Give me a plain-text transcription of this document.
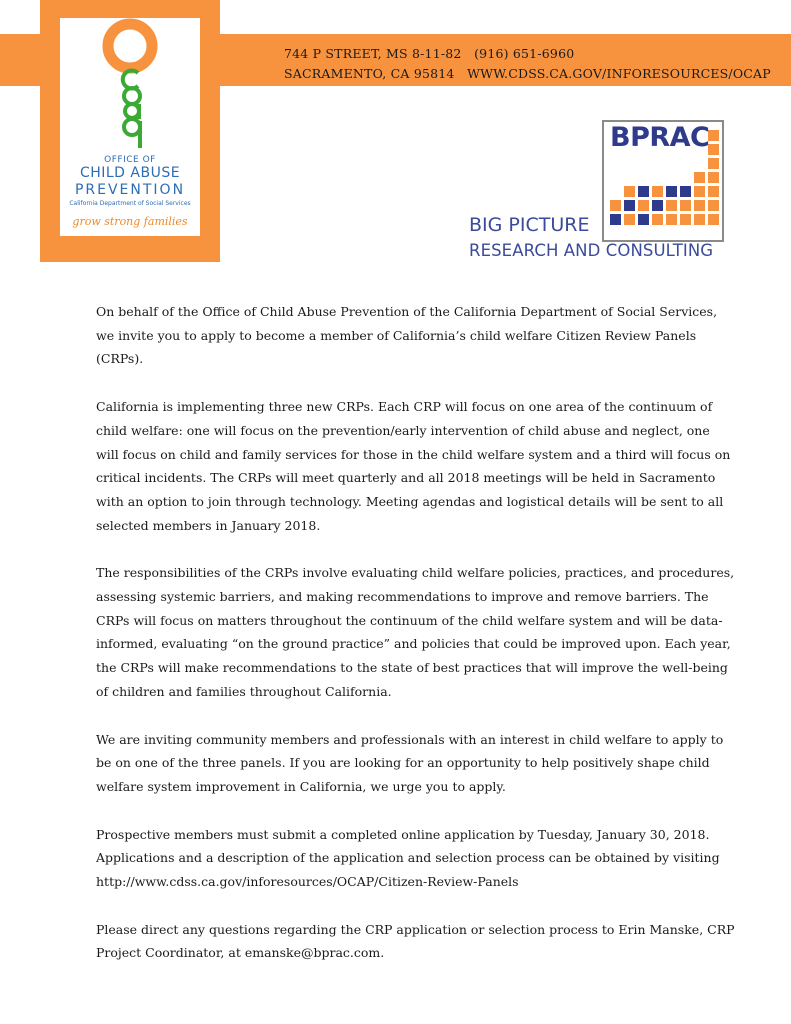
OFFICE OF
CHILD ABUSE
PREVENTION
California Department of Social Services
grow strong families
744 P STREET, MS 8-11-82   (916) 651-6960
SACRAMENTO, CA 95814   WWW.CDSS.CA.GOV/INFORESOURCES/OCAP
BPRAC
BIG PICTURE
RESEARCH AND CONSULTING

On behalf of the Office of Child Abuse Prevention of the California Department of Social Services, we invite you to apply to become a member of California’s child welfare Citizen Review Panels (CRPs).

California is implementing three new CRPs. Each CRP will focus on one area of the continuum of child welfare: one will focus on the prevention/early intervention of child abuse and neglect, one will focus on child and family services for those in the child welfare system and a third will focus on critical incidents. The CRPs will meet quarterly and all 2018 meetings will be held in Sacramento with an option to join through technology. Meeting agendas and logistical details will be sent to all selected members in January 2018.

The responsibilities of the CRPs involve evaluating child welfare policies, practices, and procedures, assessing systemic barriers, and making recommendations to improve and remove barriers. The CRPs will focus on matters throughout the continuum of the child welfare system and will be data-informed, evaluating “on the ground practice” and policies that could be improved upon. Each year, the CRPs will make recommendations to the state of best practices that will improve the well-being of children and families throughout California.

We are inviting community members and professionals with an interest in child welfare to apply to be on one of the three panels. If you are looking for an opportunity to help positively shape child welfare system improvement in California, we urge you to apply.

Prospective members must submit a completed online application by Tuesday, January 30, 2018. Applications and a description of the application and selection process can be obtained by visiting http://www.cdss.ca.gov/inforesources/OCAP/Citizen-Review-Panels

Please direct any questions regarding the CRP application or selection process to Erin Manske, CRP Project Coordinator, at emanske@bprac.com.
